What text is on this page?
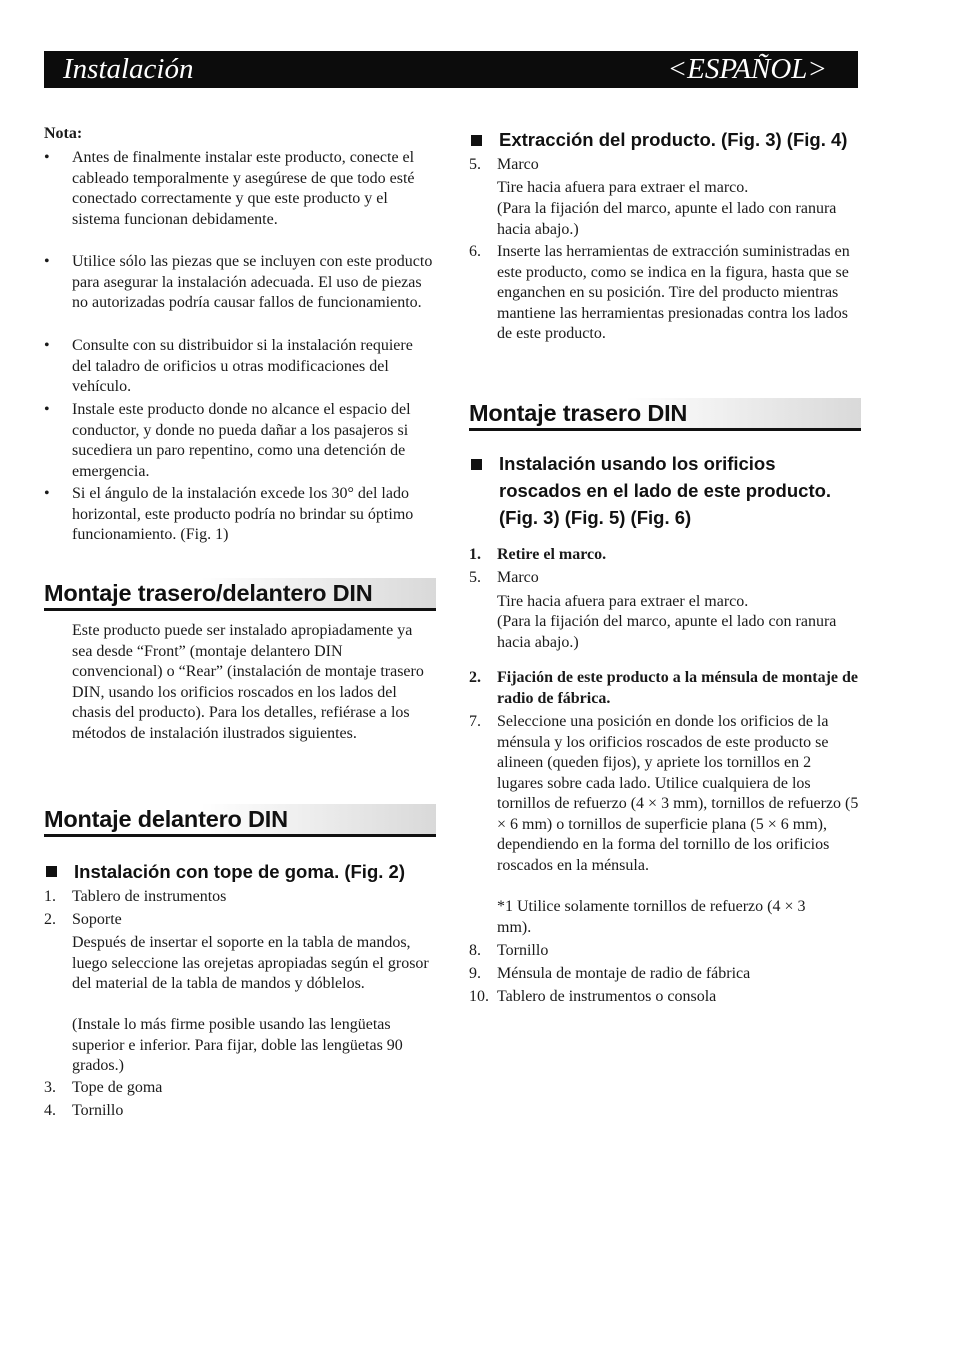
Instalación	<ESPAÑOL>
Nota:
• Antes de finalmente instalar este producto, conecte el cableado temporalmente y asegúrese de que todo esté conectado correctamente y que este producto y el sistema funcionan debidamente.
• Utilice sólo las piezas que se incluyen con este producto para asegurar la instalación adecuada. El uso de piezas no autorizadas podría causar fallos de funcionamiento.
• Consulte con su distribuidor si la instalación requiere del taladro de orificios u otras modificaciones del vehículo.
• Instale este producto donde no alcance el espacio del conductor, y donde no pueda dañar a los pasajeros si sucediera un paro repentino, como una detención de emergencia.
• Si el ángulo de la instalación excede los 30° del lado horizontal, este producto podría no brindar su óptimo funcionamiento. (Fig. 1)
Montaje trasero/delantero DIN
Este producto puede ser instalado apropiadamente ya sea desde “Front” (montaje delantero DIN convencional) o “Rear” (instalación de montaje trasero DIN, usando los orificios roscados en los lados del chasis del producto). Para los detalles, refiérase a los métodos de instalación ilustrados siguientes.
Montaje delantero DIN
Instalación con tope de goma. (Fig. 2)
1.	Tablero de instrumentos
2.	Soporte
Después de insertar el soporte en la tabla de mandos, luego seleccione las orejetas apropiadas según el grosor del material de la tabla de mandos y dóblelos.
(Instale lo más firme posible usando las lengüetas superior e inferior. Para fijar, doble las lengüetas 90 grados.)
3.	Tope de goma
4.	Tornillo
Extracción del producto. (Fig. 3) (Fig. 4)
5.	Marco
Tire hacia afuera para extraer el marco.
(Para la fijación del marco, apunte el lado con ranura hacia abajo.)
6.	Inserte las herramientas de extracción suministradas en este producto, como se indica en la figura, hasta que se enganchen en su posición. Tire del producto mientras mantiene las herramientas presionadas contra los lados de este producto.
Montaje trasero DIN
Instalación usando los orificios roscados en el lado de este producto. (Fig. 3) (Fig. 5) (Fig. 6)
1. Retire el marco.
5.	Marco
Tire hacia afuera para extraer el marco.
(Para la fijación del marco, apunte el lado con ranura hacia abajo.)
2. Fijación de este producto a la ménsula de montaje de radio de fábrica.
7.	Seleccione una posición en donde los orificios de la ménsula y los orificios roscados de este producto se alineen (queden fijos), y apriete los tornillos en 2 lugares sobre cada lado. Utilice cualquiera de los tornillos de refuerzo (4 × 3 mm), tornillos de refuerzo (5 × 6 mm) o tornillos de superficie plana (5 × 6 mm), dependiendo en la forma del tornillo de los orificios roscados en la ménsula.
*1 Utilice solamente tornillos de refuerzo (4 × 3 mm).
8.	Tornillo
9.	Ménsula de montaje de radio de fábrica
10. Tablero de instrumentos o consola
